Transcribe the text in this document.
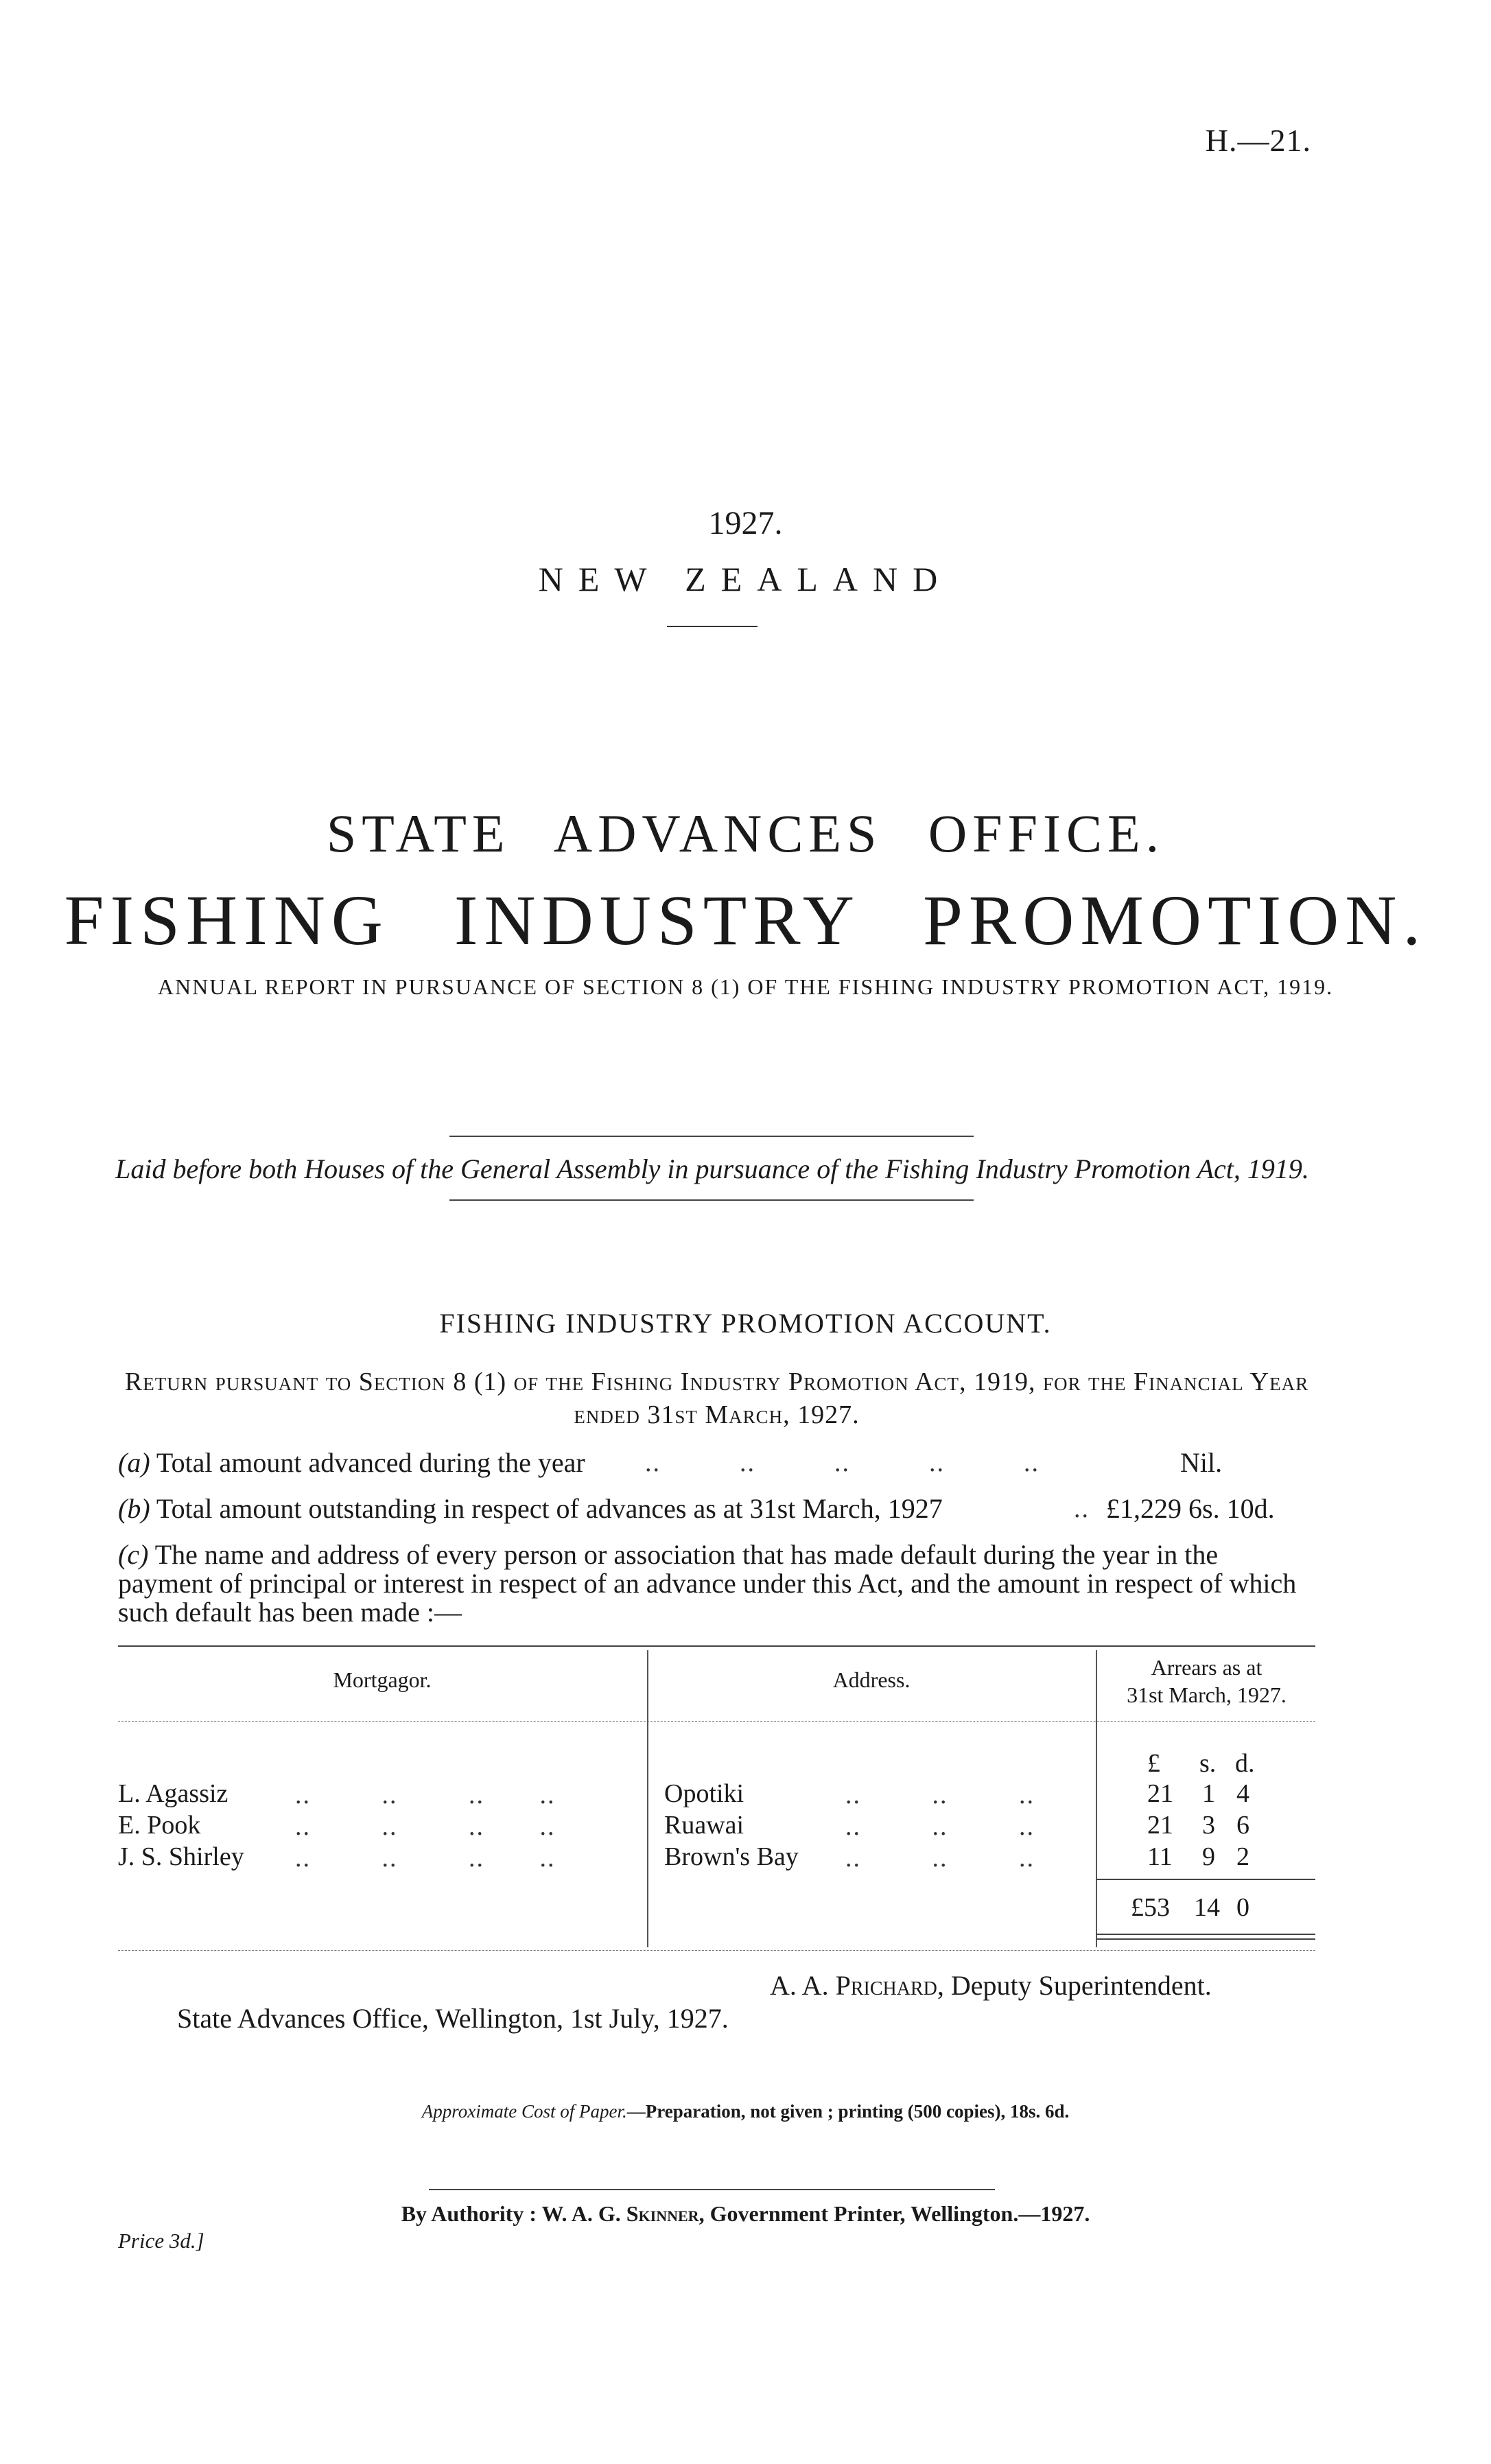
H.—21.
1927.
NEW ZEALAND
STATE ADVANCES OFFICE.
FISHING INDUSTRY PROMOTION.
ANNUAL REPORT IN PURSUANCE OF SECTION 8 (1) OF THE FISHING INDUSTRY PROMOTION ACT, 1919.
Laid before both Houses of the General Assembly in pursuance of the Fishing Industry Promotion Act, 1919.
FISHING INDUSTRY PROMOTION ACCOUNT.
Return pursuant to Section 8 (1) of the Fishing Industry Promotion Act, 1919, for the Financial Year ended 31st March, 1927.
(a) Total amount advanced during the year ..          ..          ..          ..          ..	Nil.
(b) Total amount outstanding in respect of advances as at 31st March, 1927	.. £1,229 6s. 10d.
(c) The name and address of every person or association that has made default during the year in the payment of principal or interest in respect of an advance under this Act, and the amount in respect of which such default has been made :—
Mortgagor.	Address.	Arrears as at
31st March, 1927.
£ s. d.
L. Agassiz	..         ..         ..       ..	Opotiki	..         ..         ..	21 1 4
E. Pook	..         ..         ..       ..	Ruawai	..         ..         ..	21 3 6
J. S. Shirley ..         ..         ..       ..	Brown's Bay ..         ..         ..	11 9 2
£53 14 0
A. A. Prichard, Deputy Superintendent.
State Advances Office, Wellington, 1st July, 1927.
Approximate Cost of Paper.—Preparation, not given ; printing (500 copies), 18s. 6d.
By Authority : W. A. G. Skinner, Government Printer, Wellington.—1927.
Price 3d.]
